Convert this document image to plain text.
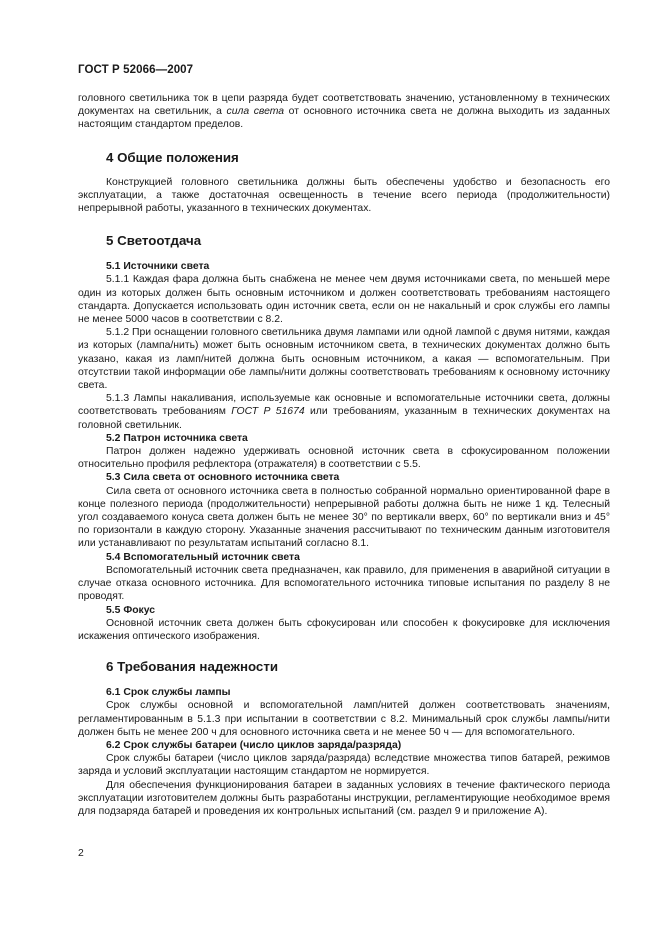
ГОСТ Р 52066—2007

головного светильника ток в цепи разряда будет соответствовать значению, установленному в технических документах на светильник, а сила света от основного источника света не должна выходить из заданных настоящим стандартом пределов.

4 Общие положения

Конструкцией головного светильника должны быть обеспечены удобство и безопасность его эксплуатации, а также достаточная освещенность в течение всего периода (продолжительности) непрерывной работы, указанного в технических документах.

5 Светоотдача
5.1 Источники света

5.1.1 Каждая фара должна быть снабжена не менее чем двумя источниками света, по меньшей мере один из которых должен быть основным источником и должен соответствовать требованиям настоящего стандарта. Допускается использовать один источник света, если он не накальный и срок службы его лампы не менее 5000 часов в соответствии с 8.2.

5.1.2 При оснащении головного светильника двумя лампами или одной лампой с двумя нитями, каждая из которых (лампа/нить) может быть основным источником света, в технических документах должно быть указано, какая из ламп/нитей должна быть основным источником, а какая — вспомогательным. При отсутствии такой информации обе лампы/нити должны соответствовать требованиям к основному источнику света.

5.1.3 Лампы накаливания, используемые как основные и вспомогательные источники света, должны соответствовать требованиям ГОСТ Р 51674 или требованиям, указанным в технических документах на головной светильник.

5.2 Патрон источника света

Патрон должен надежно удерживать основной источник света в сфокусированном положении относительно профиля рефлектора (отражателя) в соответствии с 5.5.

5.3 Сила света от основного источника света

Сила света от основного источника света в полностью собранной нормально ориентированной фаре в конце полезного периода (продолжительности) непрерывной работы должна быть не ниже 1 кд. Телесный угол создаваемого конуса света должен быть не менее 30° по вертикали вверх, 60° по вертикали вниз и 45° по горизонтали в каждую сторону. Указанные значения рассчитывают по техническим данным изготовителя или устанавливают по результатам испытаний согласно 8.1.

5.4 Вспомогательный источник света

Вспомогательный источник света предназначен, как правило, для применения в аварийной ситуации в случае отказа основного источника. Для вспомогательного источника типовые испытания по разделу 8 не проводят.

5.5 Фокус

Основной источник света должен быть сфокусирован или способен к фокусировке для исключения искажения оптического изображения.

6 Требования надежности
6.1 Срок службы лампы

Срок службы основной и вспомогательной ламп/нитей должен соответствовать значениям, регламентированным в 5.1.3 при испытании в соответствии с 8.2. Минимальный срок службы лампы/нити должен быть не менее 200 ч для основного источника света и не менее 50 ч — для вспомогательного.

6.2 Срок службы батареи (число циклов заряда/разряда)

Срок службы батареи (число циклов заряда/разряда) вследствие множества типов батарей, режимов заряда и условий эксплуатации настоящим стандартом не нормируется.

Для обеспечения функционирования батареи в заданных условиях в течение фактического периода эксплуатации изготовителем должны быть разработаны инструкции, регламентирующие необходимое время для подзаряда батарей и проведения их контрольных испытаний (см. раздел 9 и приложение А).

2
